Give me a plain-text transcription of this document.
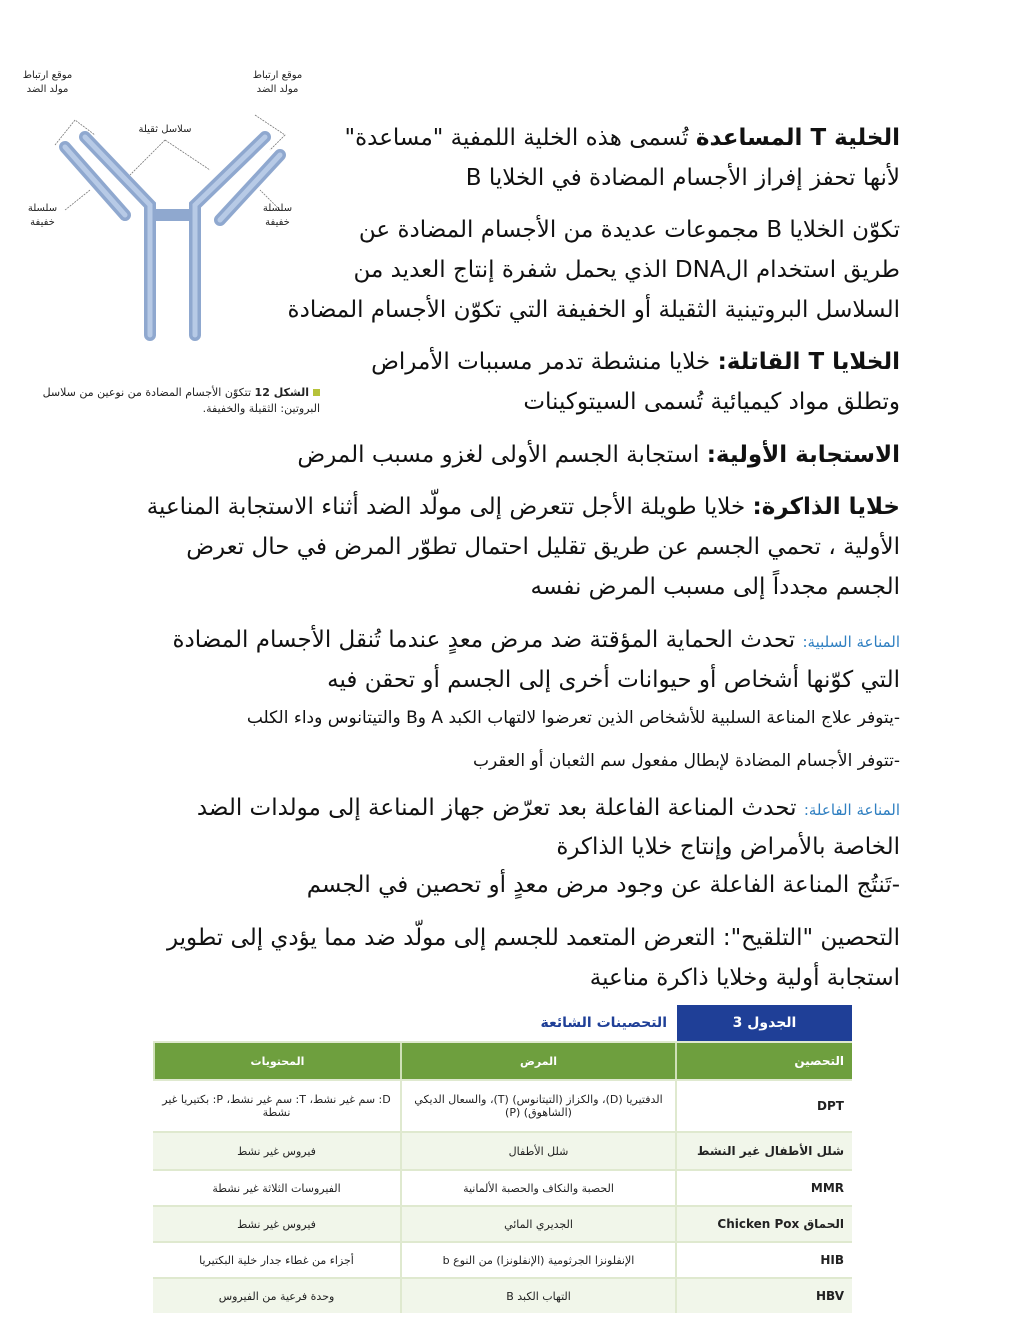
موقع ارتباط مولد الضد
موقع ارتباط مولد الضد
سلاسل ثقيلة
سلسلة خفيفة
سلسلة خفيفة
الشكل 12 تتكوّن الأجسام المضادة من نوعين من سلاسل البروتين: الثقيلة والخفيفة.
الخلية T المساعدة تُسمى هذه الخلية اللمفية "مساعدة"
لأنها تحفز إفراز الأجسام المضادة في الخلايا B
تكوّن الخلايا B مجموعات عديدة من الأجسام المضادة عن
طريق استخدام الDNA الذي يحمل شفرة إنتاج العديد من
السلاسل البروتينية الثقيلة أو الخفيفة التي تكوّن الأجسام المضادة
الخلايا T القاتلة: خلايا منشطة تدمر مسببات الأمراض
وتطلق مواد كيميائية تُسمى السيتوكينات
الاستجابة الأولية: استجابة الجسم الأولى لغزو مسبب المرض
خلايا الذاكرة: خلايا طويلة الأجل تتعرض إلى مولّد الضد أثناء الاستجابة المناعية
الأولية ، تحمي الجسم عن طريق تقليل احتمال تطوّر المرض في حال تعرض
الجسم مجدداً إلى مسبب المرض نفسه
المناعة السلبية: تحدث الحماية المؤقتة ضد مرض معدٍ عندما تُنقل الأجسام المضادة
التي كوّنها أشخاص أو حيوانات أخرى إلى الجسم أو تحقن فيه
-يتوفر علاج المناعة السلبية للأشخاص الذين تعرضوا لالتهاب الكبد A وB والتيتانوس وداء الكلب
-تتوفر الأجسام المضادة لإبطال مفعول سم الثعبان أو العقرب
المناعة الفاعلة: تحدث المناعة الفاعلة بعد تعرّض جهاز المناعة إلى مولدات الضد
الخاصة بالأمراض وإنتاج خلايا الذاكرة
-تَنتُج المناعة الفاعلة عن وجود مرض معدٍ أو تحصين في الجسم
التحصين "التلقيح": التعرض المتعمد للجسم إلى مولّد ضد مما يؤدي إلى تطوير
استجابة أولية وخلايا ذاكرة مناعية
الجدول 3
التحصينات الشائعة
التحصين
المرض
المحتويات
DPT
الدفتيريا (D)، والكزاز (التيتانوس) (T)، والسعال الديكي (الشاهوق) (P)
D: سم غير نشط، T: سم غير نشط، P: بكتيريا غير نشطة
شلل الأطفال غير النشط
شلل الأطفال
فيروس غير نشط
MMR
الحصبة والنكاف والحصبة الألمانية
الفيروسات الثلاثة غير نشطة
الحماق Chicken Pox
الجديري المائي
فيروس غير نشط
HIB
الإنفلونزا الجرثومية (الإنفلونزا) من النوع b
أجزاء من غطاء جدار خلية البكتيريا
HBV
التهاب الكبد B
وحدة فرعية من الفيروس
